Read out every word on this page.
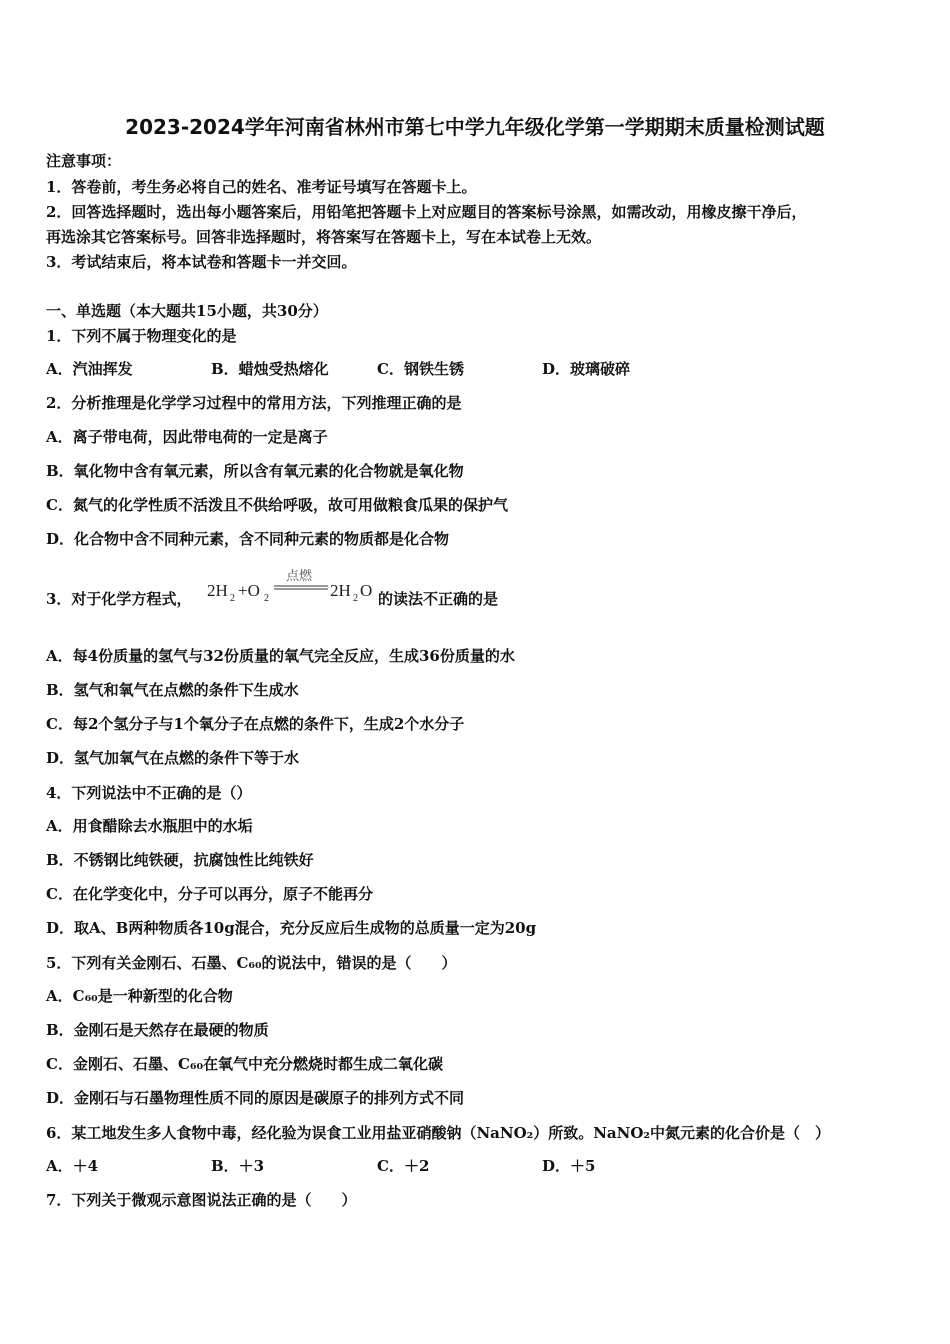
2023-2024学年河南省林州市第七中学九年级化学第一学期期末质量检测试题
注意事项：
1．答卷前，考生务必将自己的姓名、准考证号填写在答题卡上。
2．回答选择题时，选出每小题答案后，用铅笔把答题卡上对应题目的答案标号涂黑，如需改动，用橡皮擦干净后，
再选涂其它答案标号。回答非选择题时，将答案写在答题卡上，写在本试卷上无效。
3．考试结束后，将本试卷和答题卡一并交回。
一、单选题（本大题共15小题，共30分）
1．下列不属于物理变化的是
A．汽油挥发	B．蜡烛受热熔化	C．钢铁生锈	D．玻璃破碎
2．分析推理是化学学习过程中的常用方法，下列推理正确的是
A．离子带电荷，因此带电荷的一定是离子
B．氧化物中含有氧元素，所以含有氧元素的化合物就是氧化物
C．氮气的化学性质不活泼且不供给呼吸，故可用做粮食瓜果的保护气
D．化合物中含不同种元素，含不同种元素的物质都是化合物
3．对于化学方程式， 2H 2 +O 2
点燃
2H 2 O 的读法不正确的是
A．每4份质量的氢气与32份质量的氧气完全反应，生成36份质量的水
B．氢气和氧气在点燃的条件下生成水
C．每2个氢分子与1个氧分子在点燃的条件下，生成2个水分子
D．氢气加氧气在点燃的条件下等于水
4．下列说法中不正确的是（）
A．用食醋除去水瓶胆中的水垢
B．不锈钢比纯铁硬，抗腐蚀性比纯铁好
C．在化学变化中，分子可以再分，原子不能再分
D．取A、B两种物质各10g混合，充分反应后生成物的总质量一定为20g
5．下列有关金刚石、石墨、C₆₀的说法中，错误的是（　　）
A．C₆₀是一种新型的化合物
B．金刚石是天然存在最硬的物质
C．金刚石、石墨、C₆₀在氧气中充分燃烧时都生成二氧化碳
D．金刚石与石墨物理性质不同的原因是碳原子的排列方式不同
6．某工地发生多人食物中毒，经化验为误食工业用盐亚硝酸钠（NaNO₂）所致。NaNO₂中氮元素的化合价是（　）
A．＋4	B．＋3	C．＋2	D．＋5
7．下列关于微观示意图说法正确的是（　　）
